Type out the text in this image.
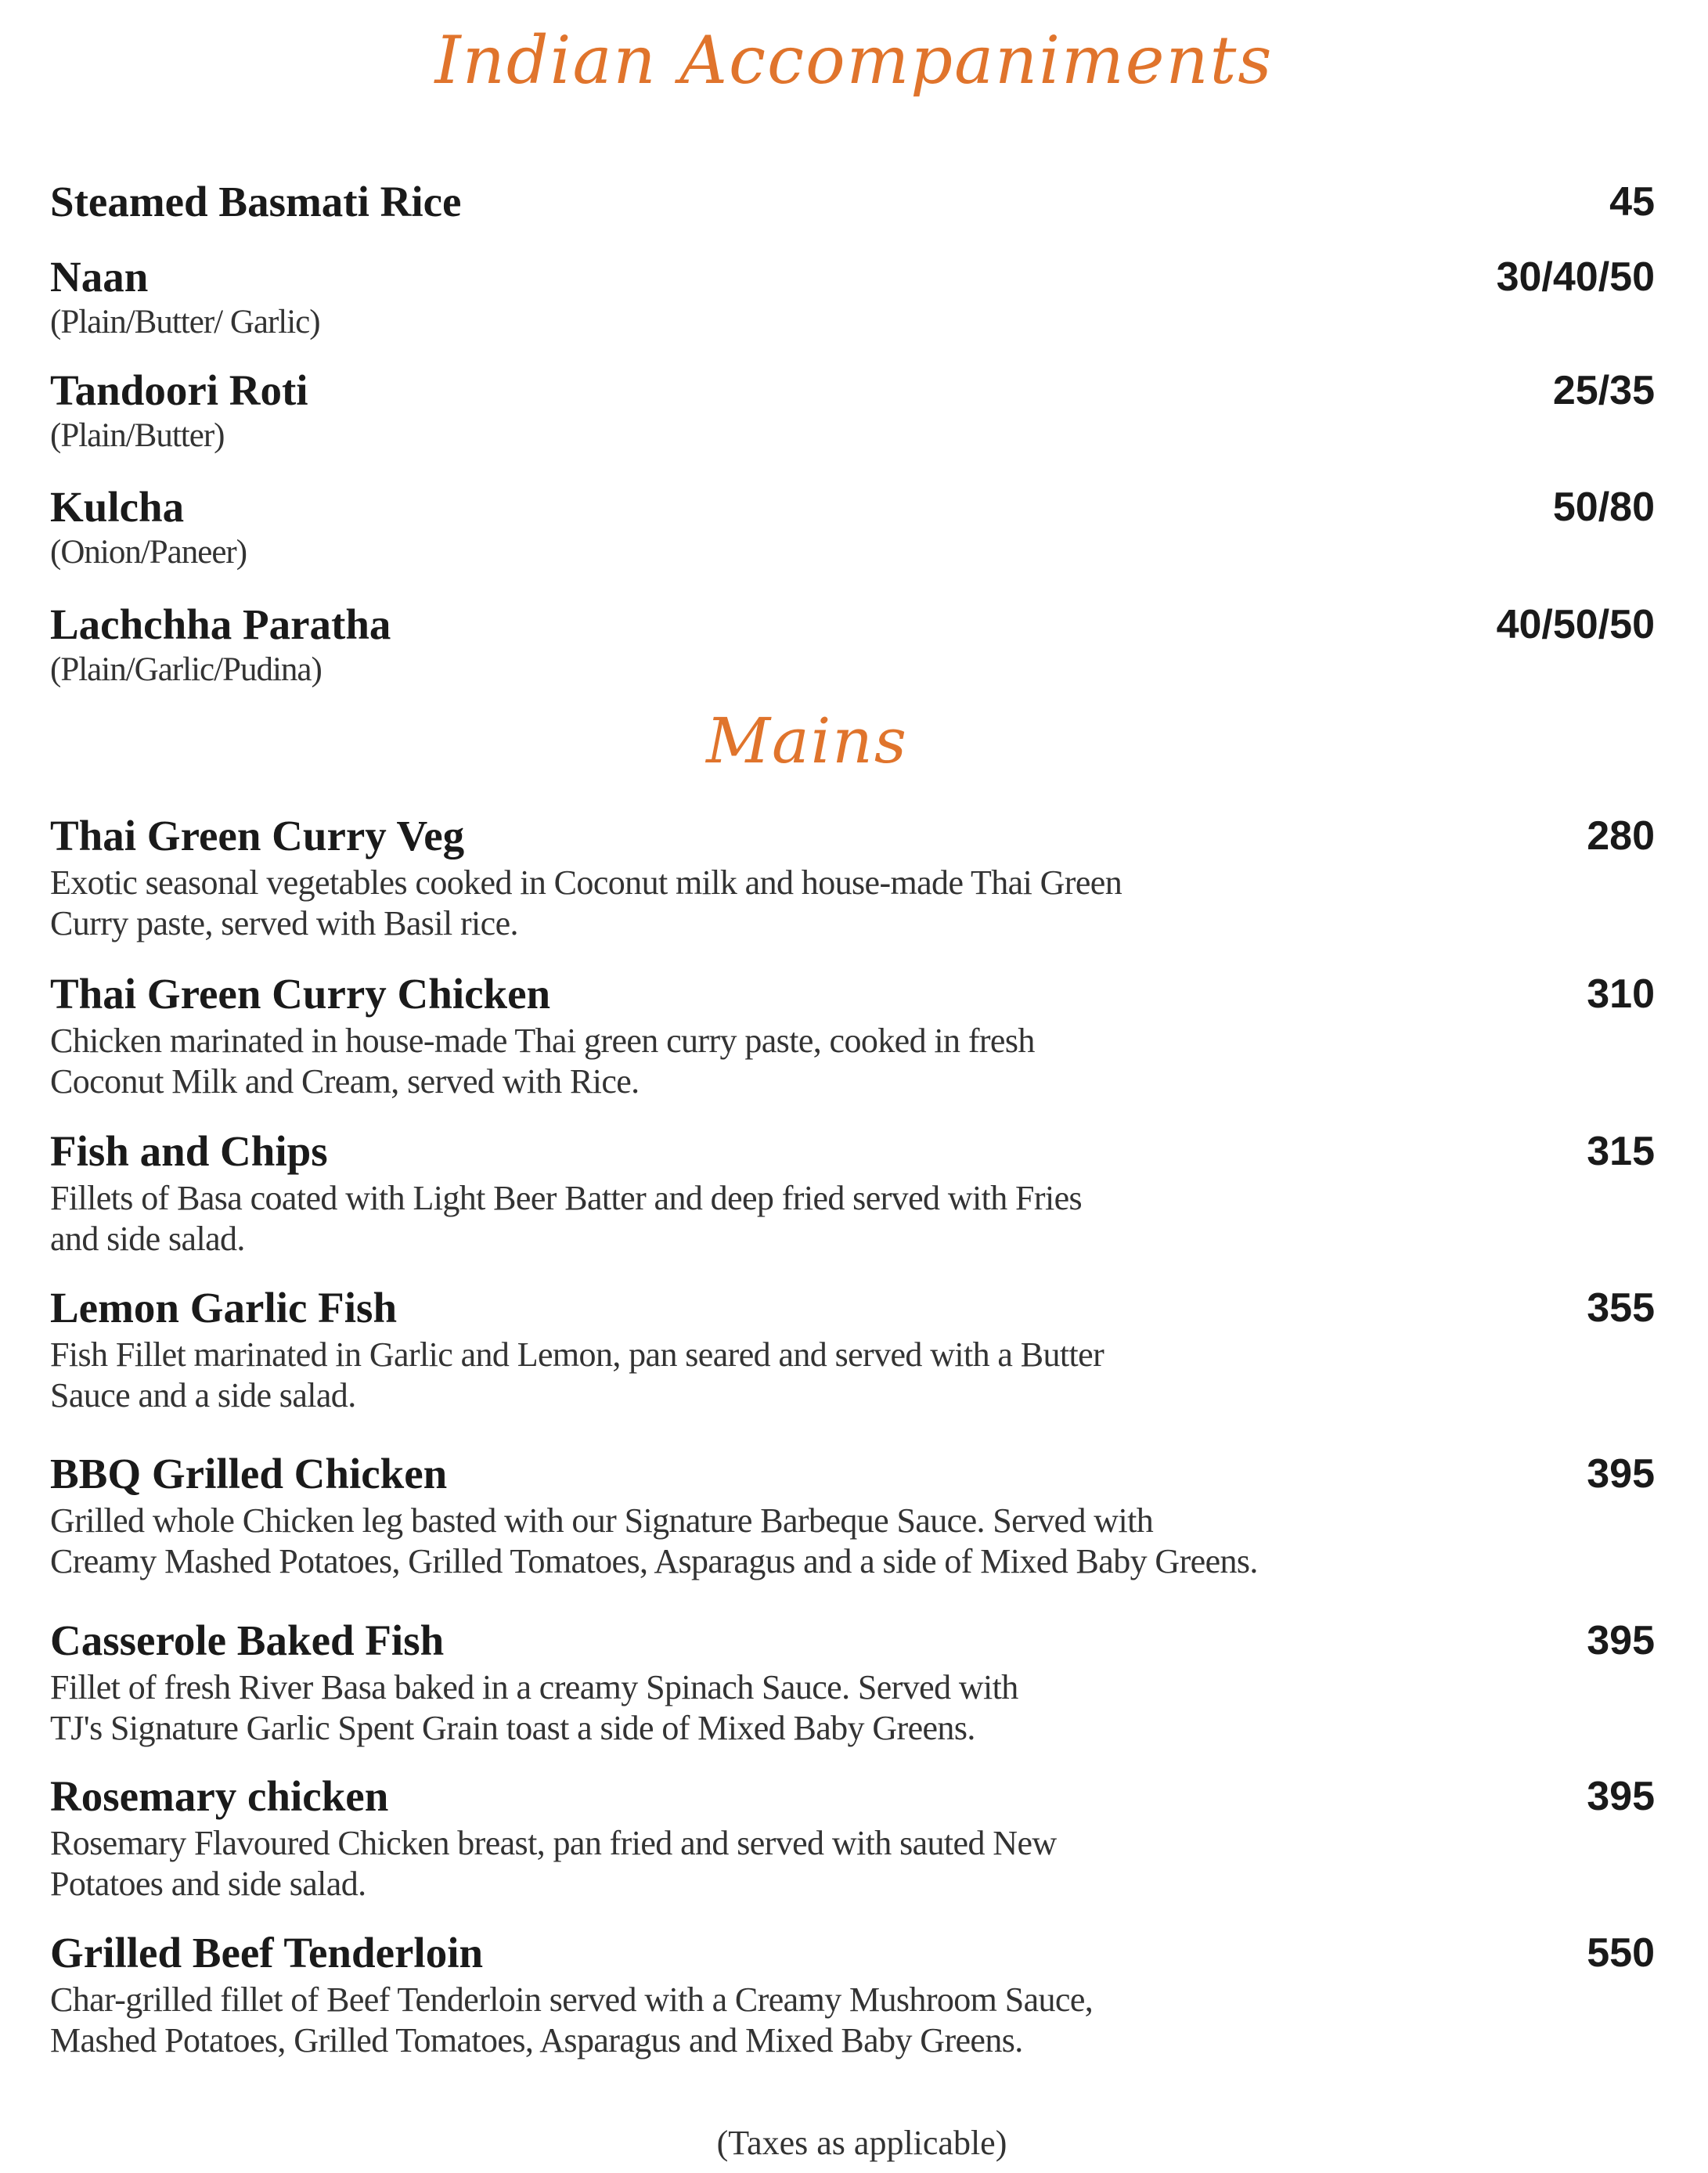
Indian Accompaniments
Steamed Basmati Rice	45
Naan	30/40/50
(Plain/Butter/ Garlic)
Tandoori Roti	25/35
(Plain/Butter)
Kulcha	50/80
(Onion/Paneer)
Lachchha Paratha	40/50/50
(Plain/Garlic/Pudina)
Mains
Thai Green Curry Veg	280
Exotic seasonal vegetables cooked in Coconut milk and house-made Thai Green
Curry paste, served with Basil rice.
Thai Green Curry Chicken	310
Chicken marinated in house-made Thai green curry paste, cooked in fresh
Coconut Milk and Cream, served with Rice.
Fish and Chips	315
Fillets of Basa coated with Light Beer Batter and deep fried served with Fries
and side salad.
Lemon Garlic Fish	355
Fish Fillet marinated in Garlic and Lemon, pan seared and served with a Butter
Sauce and a side salad.
BBQ Grilled Chicken	395
Grilled whole Chicken leg basted with our Signature Barbeque Sauce. Served with
Creamy Mashed Potatoes, Grilled Tomatoes, Asparagus and a side of Mixed Baby Greens.
Casserole Baked Fish	395
Fillet of fresh River Basa baked in a creamy Spinach Sauce. Served with
TJ's Signature Garlic Spent Grain toast a side of Mixed Baby Greens.
Rosemary chicken	395
Rosemary Flavoured Chicken breast, pan fried and served with sauted New
Potatoes and side salad.
Grilled Beef Tenderloin	550
Char-grilled fillet of Beef Tenderloin served with a Creamy Mushroom Sauce,
Mashed Potatoes, Grilled Tomatoes, Asparagus and Mixed Baby Greens.
(Taxes as applicable)
